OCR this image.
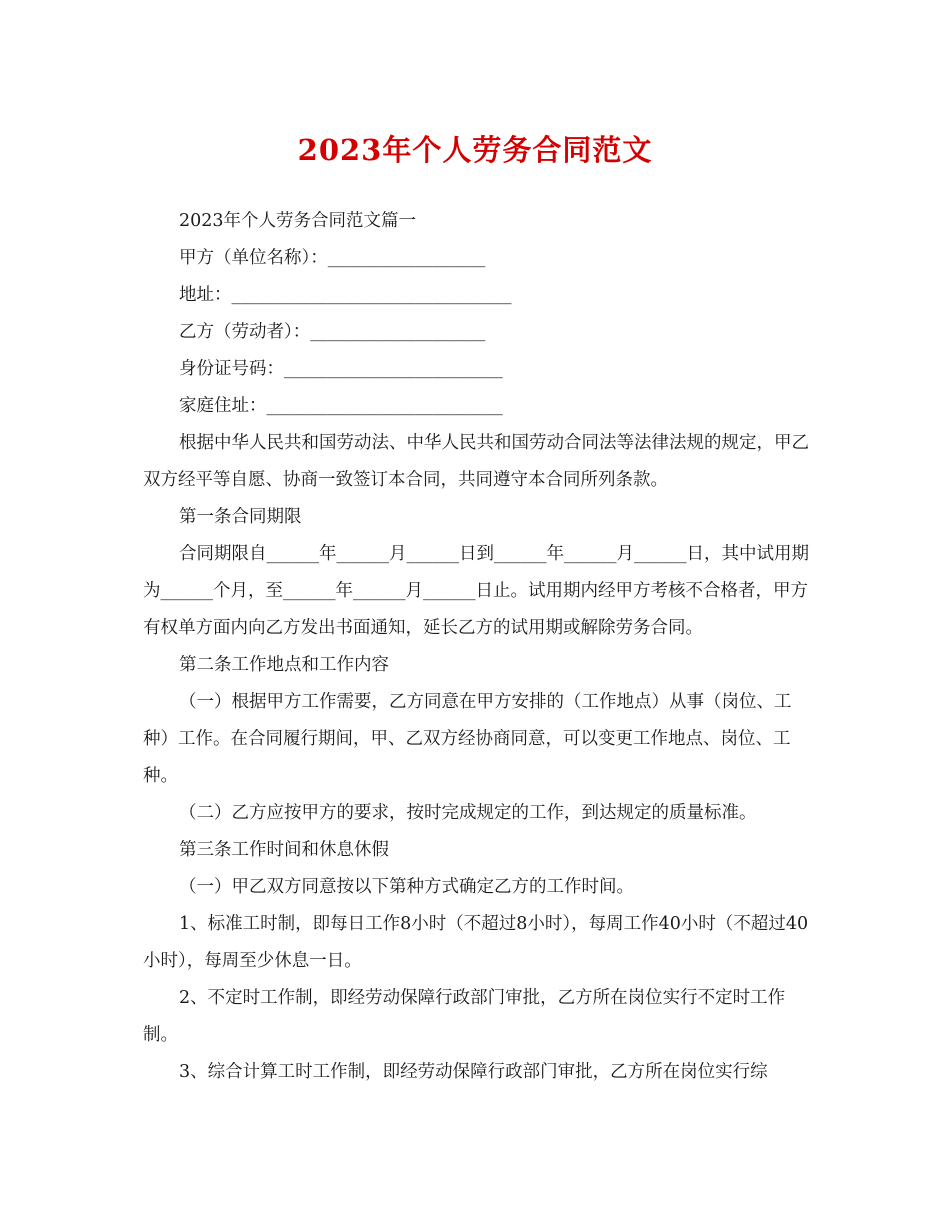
2023年个人劳务合同范文

2023年个人劳务合同范文篇一

甲方（单位名称）：__________________

地址：________________________________

乙方（劳动者）：____________________

身份证号码：_________________________

家庭住址：___________________________

根据中华人民共和国劳动法、中华人民共和国劳动合同法等法律法规的规定，甲乙双方经平等自愿、协商一致签订本合同，共同遵守本合同所列条款。

第一条合同期限

合同期限自______年______月______日到______年______月______日，其中试用期为______个月，至______年______月______日止。试用期内经甲方考核不合格者，甲方有权单方面内向乙方发出书面通知，延长乙方的试用期或解除劳务合同。

第二条工作地点和工作内容

（一）根据甲方工作需要，乙方同意在甲方安排的（工作地点）从事（岗位、工种）工作。在合同履行期间，甲、乙双方经协商同意，可以变更工作地点、岗位、工种。

（二）乙方应按甲方的要求，按时完成规定的工作，到达规定的质量标准。

第三条工作时间和休息休假

（一）甲乙双方同意按以下第种方式确定乙方的工作时间。

1、标准工时制，即每日工作8小时（不超过8小时），每周工作40小时（不超过40小时），每周至少休息一日。

2、不定时工作制，即经劳动保障行政部门审批，乙方所在岗位实行不定时工作制。

3、综合计算工时工作制，即经劳动保障行政部门审批，乙方所在岗位实行综
